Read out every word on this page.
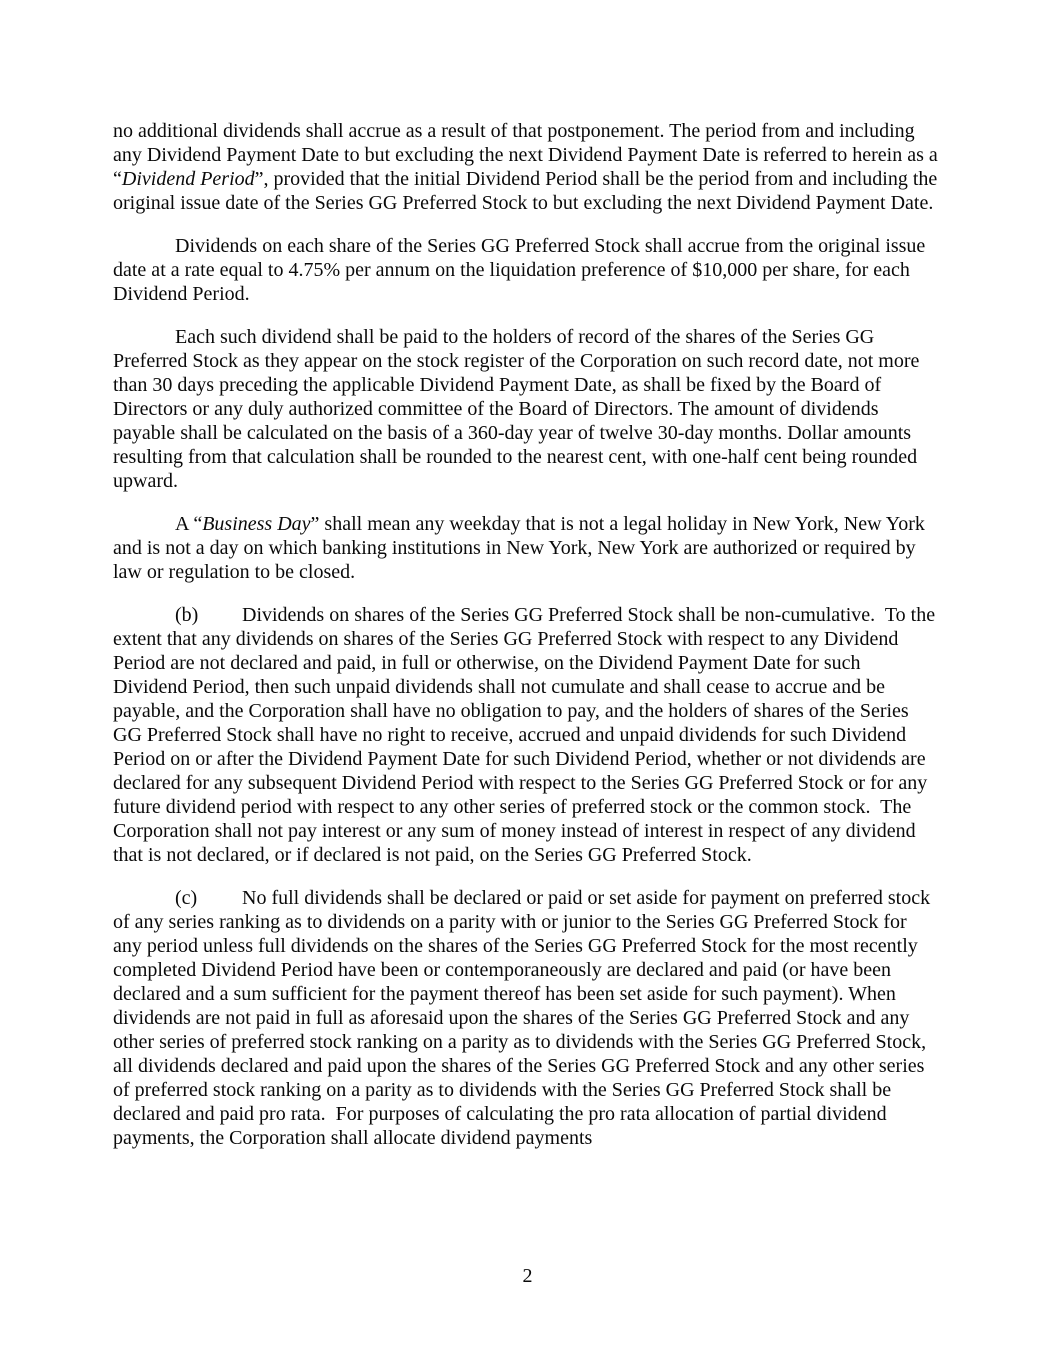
no additional dividends shall accrue as a result of that postponement. The period from and including any Dividend Payment Date to but excluding the next Dividend Payment Date is referred to herein as a “Dividend Period”, provided that the initial Dividend Period shall be the period from and including the original issue date of the Series GG Preferred Stock to but excluding the next Dividend Payment Date.

Dividends on each share of the Series GG Preferred Stock shall accrue from the original issue date at a rate equal to 4.75% per annum on the liquidation preference of $10,000 per share, for each Dividend Period.

Each such dividend shall be paid to the holders of record of the shares of the Series GG Preferred Stock as they appear on the stock register of the Corporation on such record date, not more than 30 days preceding the applicable Dividend Payment Date, as shall be fixed by the Board of Directors or any duly authorized committee of the Board of Directors. The amount of dividends payable shall be calculated on the basis of a 360-day year of twelve 30-day months. Dollar amounts resulting from that calculation shall be rounded to the nearest cent, with one-half cent being rounded upward.

A “Business Day” shall mean any weekday that is not a legal holiday in New York, New York and is not a day on which banking institutions in New York, New York are authorized or required by law or regulation to be closed.

(b) Dividends on shares of the Series GG Preferred Stock shall be non-cumulative.  To the extent that any dividends on shares of the Series GG Preferred Stock with respect to any Dividend Period are not declared and paid, in full or otherwise, on the Dividend Payment Date for such Dividend Period, then such unpaid dividends shall not cumulate and shall cease to accrue and be payable, and the Corporation shall have no obligation to pay, and the holders of shares of the Series GG Preferred Stock shall have no right to receive, accrued and unpaid dividends for such Dividend Period on or after the Dividend Payment Date for such Dividend Period, whether or not dividends are declared for any subsequent Dividend Period with respect to the Series GG Preferred Stock or for any future dividend period with respect to any other series of preferred stock or the common stock.  The Corporation shall not pay interest or any sum of money instead of interest in respect of any dividend that is not declared, or if declared is not paid, on the Series GG Preferred Stock.

(c) No full dividends shall be declared or paid or set aside for payment on preferred stock of any series ranking as to dividends on a parity with or junior to the Series GG Preferred Stock for any period unless full dividends on the shares of the Series GG Preferred Stock for the most recently completed Dividend Period have been or contemporaneously are declared and paid (or have been declared and a sum sufficient for the payment thereof has been set aside for such payment). When dividends are not paid in full as aforesaid upon the shares of the Series GG Preferred Stock and any other series of preferred stock ranking on a parity as to dividends with the Series GG Preferred Stock, all dividends declared and paid upon the shares of the Series GG Preferred Stock and any other series of preferred stock ranking on a parity as to dividends with the Series GG Preferred Stock shall be declared and paid pro rata.  For purposes of calculating the pro rata allocation of partial dividend payments, the Corporation shall allocate dividend payments

2
